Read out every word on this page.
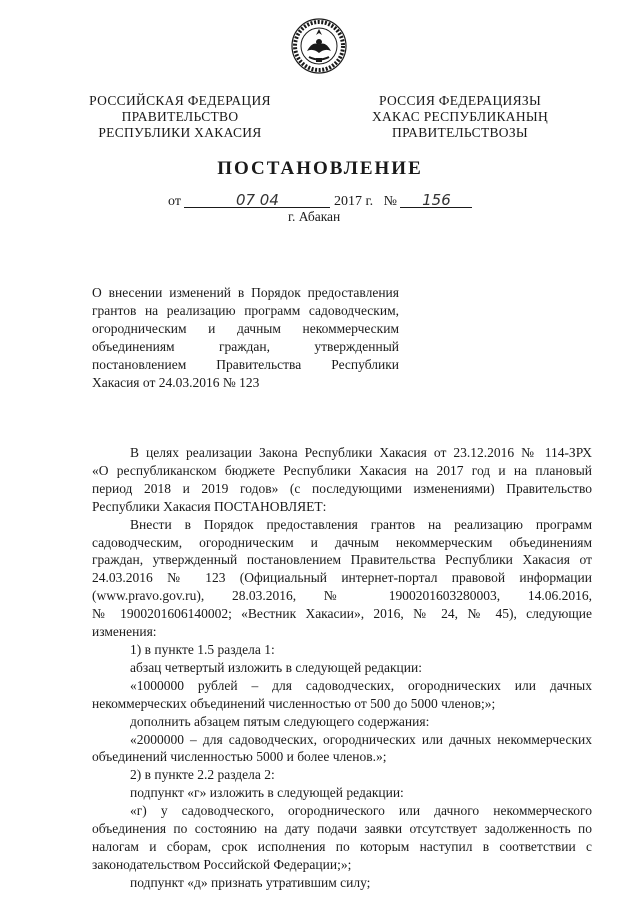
РОССИЙСКАЯ ФЕДЕРАЦИЯ
ПРАВИТЕЛЬСТВО
РЕСПУБЛИКИ ХАКАСИЯ
РОССИЯ ФЕДЕРАЦИЯЗЫ
ХАКАС РЕСПУБЛИКАНЫҢ
ПРАВИТЕЛЬСТВОЗЫ
ПОСТАНОВЛЕНИЕ
от	07 04	2017 г. № 156
г. Абакан
О внесении изменений в Порядок предоставления
грантов на реализацию программ садоводческим,
огородническим и дачным некоммерческим
объединениям граждан, утвержденный
постановлением Правительства Республики
Хакасия от 24.03.2016 № 123
В целях реализации Закона Республики Хакасия от 23.12.2016 № 114-ЗРХ
«О республиканском бюджете Республики Хакасия на 2017 год и на плановый
период 2018 и 2019 годов» (с последующими изменениями) Правительство
Республики Хакасия ПОСТАНОВЛЯЕТ:
Внести в Порядок предоставления грантов на реализацию программ
садоводческим, огородническим и дачным некоммерческим объединениям
граждан, утвержденный постановлением Правительства Республики Хакасия от
24.03.2016 № 123 (Официальный интернет-портал правовой информации
(www.pravo.gov.ru), 28.03.2016, № 1900201603280003, 14.06.2016,
№ 1900201606140002; «Вестник Хакасии», 2016, № 24, № 45), следующие
изменения:
1) в пункте 1.5 раздела 1:
абзац четвертый изложить в следующей редакции:
«1000000 рублей – для садоводческих, огороднических или дачных
некоммерческих объединений численностью от 500 до 5000 членов;»;
дополнить абзацем пятым следующего содержания:
«2000000 – для садоводческих, огороднических или дачных некоммерческих
объединений численностью 5000 и более членов.»;
2) в пункте 2.2 раздела 2:
подпункт «г» изложить в следующей редакции:
«г) у садоводческого, огороднического или дачного некоммерческого
объединения по состоянию на дату подачи заявки отсутствует задолженность по
налогам и сборам, срок исполнения по которым наступил в соответствии с
законодательством Российской Федерации;»;
подпункт «д» признать утратившим силу;
